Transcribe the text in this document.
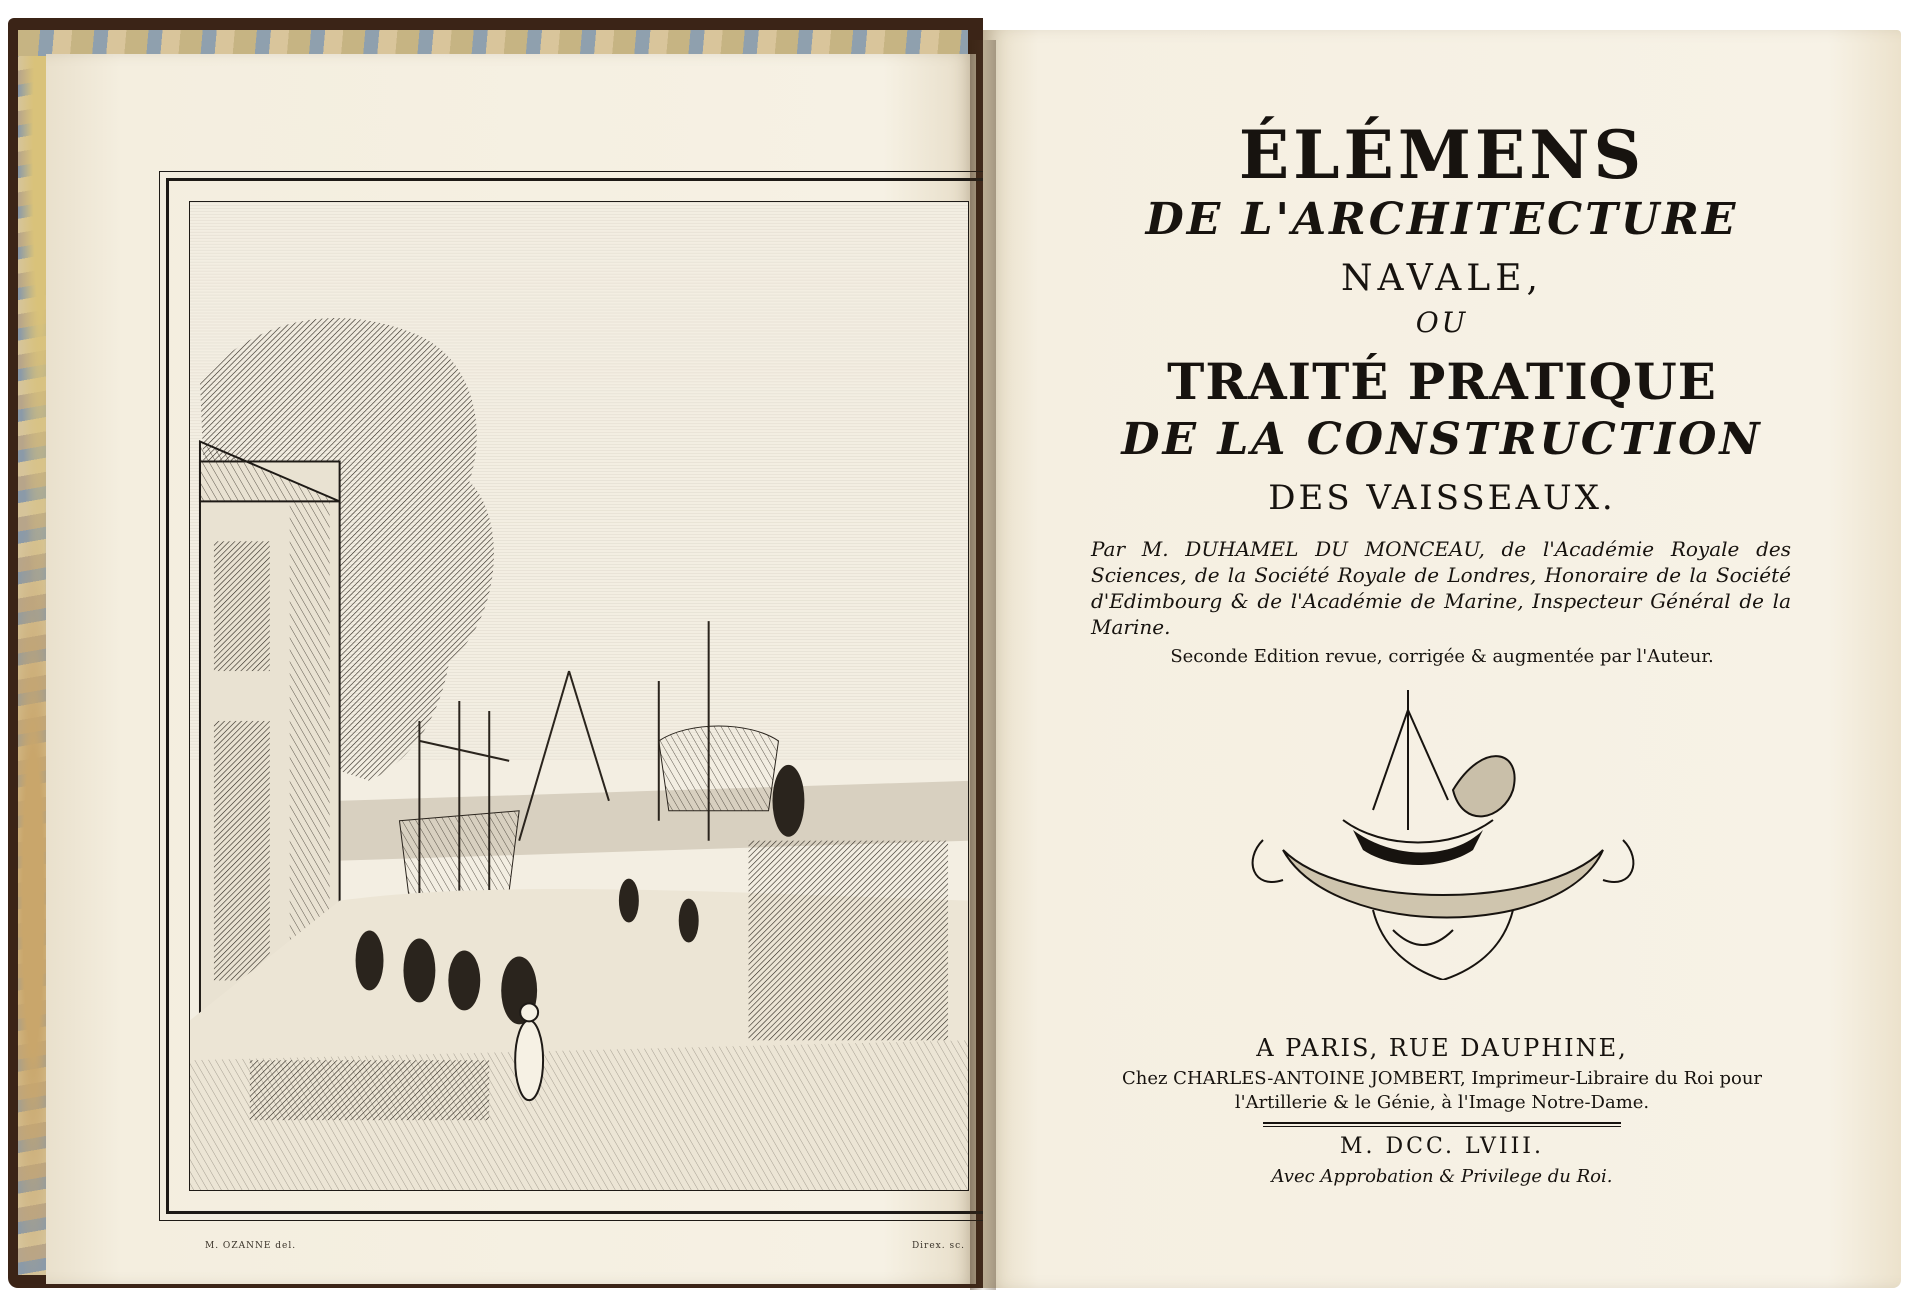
M. OZANNE del.	Direx. sc.
ÉLÉMENS
DE L'ARCHITECTURE
NAVALE,
OU
TRAITÉ PRATIQUE
DE LA CONSTRUCTION
DES VAISSEAUX.
Par M. DUHAMEL DU MONCEAU, de l'Académie Royale des Sciences, de la Société Royale de Londres, Honoraire de la Société d'Edimbourg & de l'Académie de Marine, Inspecteur Général de la Marine.
Seconde Edition revue, corrigée & augmentée par l'Auteur.
A PARIS, RUE DAUPHINE,
Chez CHARLES-ANTOINE JOMBERT, Imprimeur-Libraire du Roi pour
l'Artillerie & le Génie, à l'Image Notre-Dame.
M. DCC. LVIII.
Avec Approbation & Privilege du Roi.
